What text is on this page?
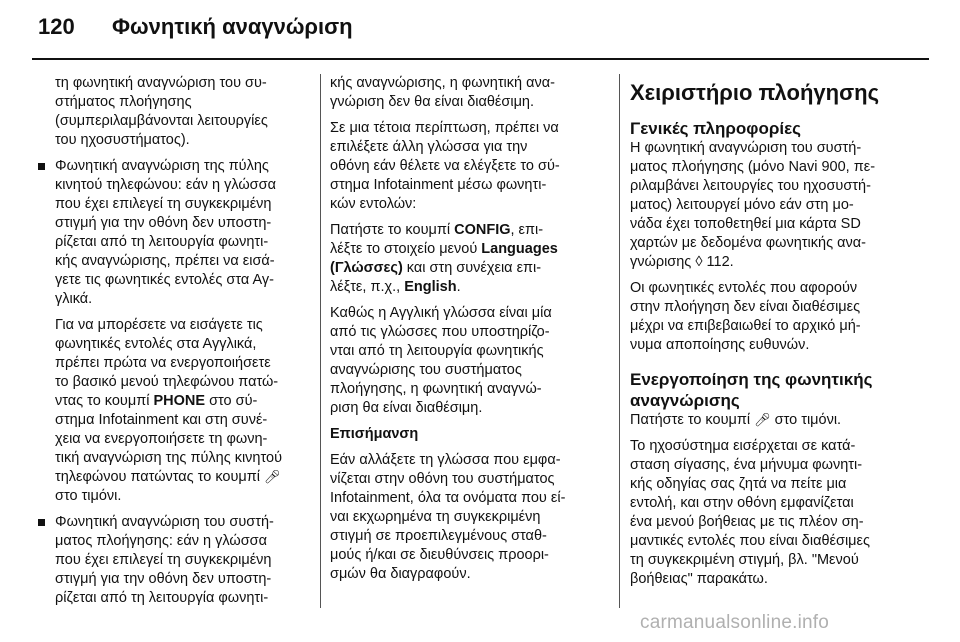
120 Φωνητική αναγνώριση
τη φωνητική αναγνώριση του συ-
στήματος πλοήγησης
(συμπεριλαμβάνονται λειτουργίες
του ηχοσυστήματος).
Φωνητική αναγνώριση της πύλης
κινητού τηλεφώνου: εάν η γλώσσα
που έχει επιλεγεί τη συγκεκριμένη
στιγμή για την οθόνη δεν υποστη-
ρίζεται από τη λειτουργία φωνητι-
κής αναγνώρισης, πρέπει να εισά-
γετε τις φωνητικές εντολές στα Αγ-
γλικά.
Για να μπορέσετε να εισάγετε τις
φωνητικές εντολές στα Αγγλικά,
πρέπει πρώτα να ενεργοποιήσετε
το βασικό μενού τηλεφώνου πατώ-
ντας το κουμπί PHONE στο σύ-
στημα Infotainment και στη συνέ-
χεια να ενεργοποιήσετε τη φωνη-
τική αναγνώριση της πύλης κινητού
τηλεφώνου πατώντας το κουμπί 🎤︎
στο τιμόνι.
Φωνητική αναγνώριση του συστή-
ματος πλοήγησης: εάν η γλώσσα
που έχει επιλεγεί τη συγκεκριμένη
στιγμή για την οθόνη δεν υποστη-
ρίζεται από τη λειτουργία φωνητι-

κής αναγνώρισης, η φωνητική ανα-
γνώριση δεν θα είναι διαθέσιμη.

Σε μια τέτοια περίπτωση, πρέπει να
επιλέξετε άλλη γλώσσα για την
οθόνη εάν θέλετε να ελέγξετε το σύ-
στημα Infotainment μέσω φωνητι-
κών εντολών:

Πατήστε το κουμπί CONFIG, επι-
λέξτε το στοιχείο μενού Languages
(Γλώσσες) και στη συνέχεια επι-
λέξτε, π.χ., English.

Καθώς η Αγγλική γλώσσα είναι μία
από τις γλώσσες που υποστηρίζο-
νται από τη λειτουργία φωνητικής
αναγνώρισης του συστήματος
πλοήγησης, η φωνητική αναγνώ-
ριση θα είναι διαθέσιμη.

Επισήμανση

Εάν αλλάξετε τη γλώσσα που εμφα-
νίζεται στην οθόνη του συστήματος
Infotainment, όλα τα ονόματα που εί-
ναι εκχωρημένα τη συγκεκριμένη
στιγμή σε προεπιλεγμένους σταθ-
μούς ή/και σε διευθύνσεις προορι-
σμών θα διαγραφούν.

Χειριστήριο πλοήγησης
Γενικές πληροφορίες

Η φωνητική αναγνώριση του συστή-
ματος πλοήγησης (μόνο Navi 900, πε-
ριλαμβάνει λειτουργίες του ηχοσυστή-
ματος) λειτουργεί μόνο εάν στη μο-
νάδα έχει τοποθετηθεί μια κάρτα SD
χαρτών με δεδομένα φωνητικής ανα-
γνώρισης ◊ 112.

Οι φωνητικές εντολές που αφορούν
στην πλοήγηση δεν είναι διαθέσιμες
μέχρι να επιβεβαιωθεί το αρχικό μή-
νυμα αποποίησης ευθυνών.

Ενεργοποίηση της φωνητικής
αναγνώρισης

Πατήστε το κουμπί 🎤︎ στο τιμόνι.

Το ηχοσύστημα εισέρχεται σε κατά-
σταση σίγασης, ένα μήνυμα φωνητι-
κής οδηγίας σας ζητά να πείτε μια
εντολή, και στην οθόνη εμφανίζεται
ένα μενού βοήθειας με τις πλέον ση-
μαντικές εντολές που είναι διαθέσιμες
τη συγκεκριμένη στιγμή, βλ. "Μενού
βοήθειας" παρακάτω.

carmanualsonline.info
